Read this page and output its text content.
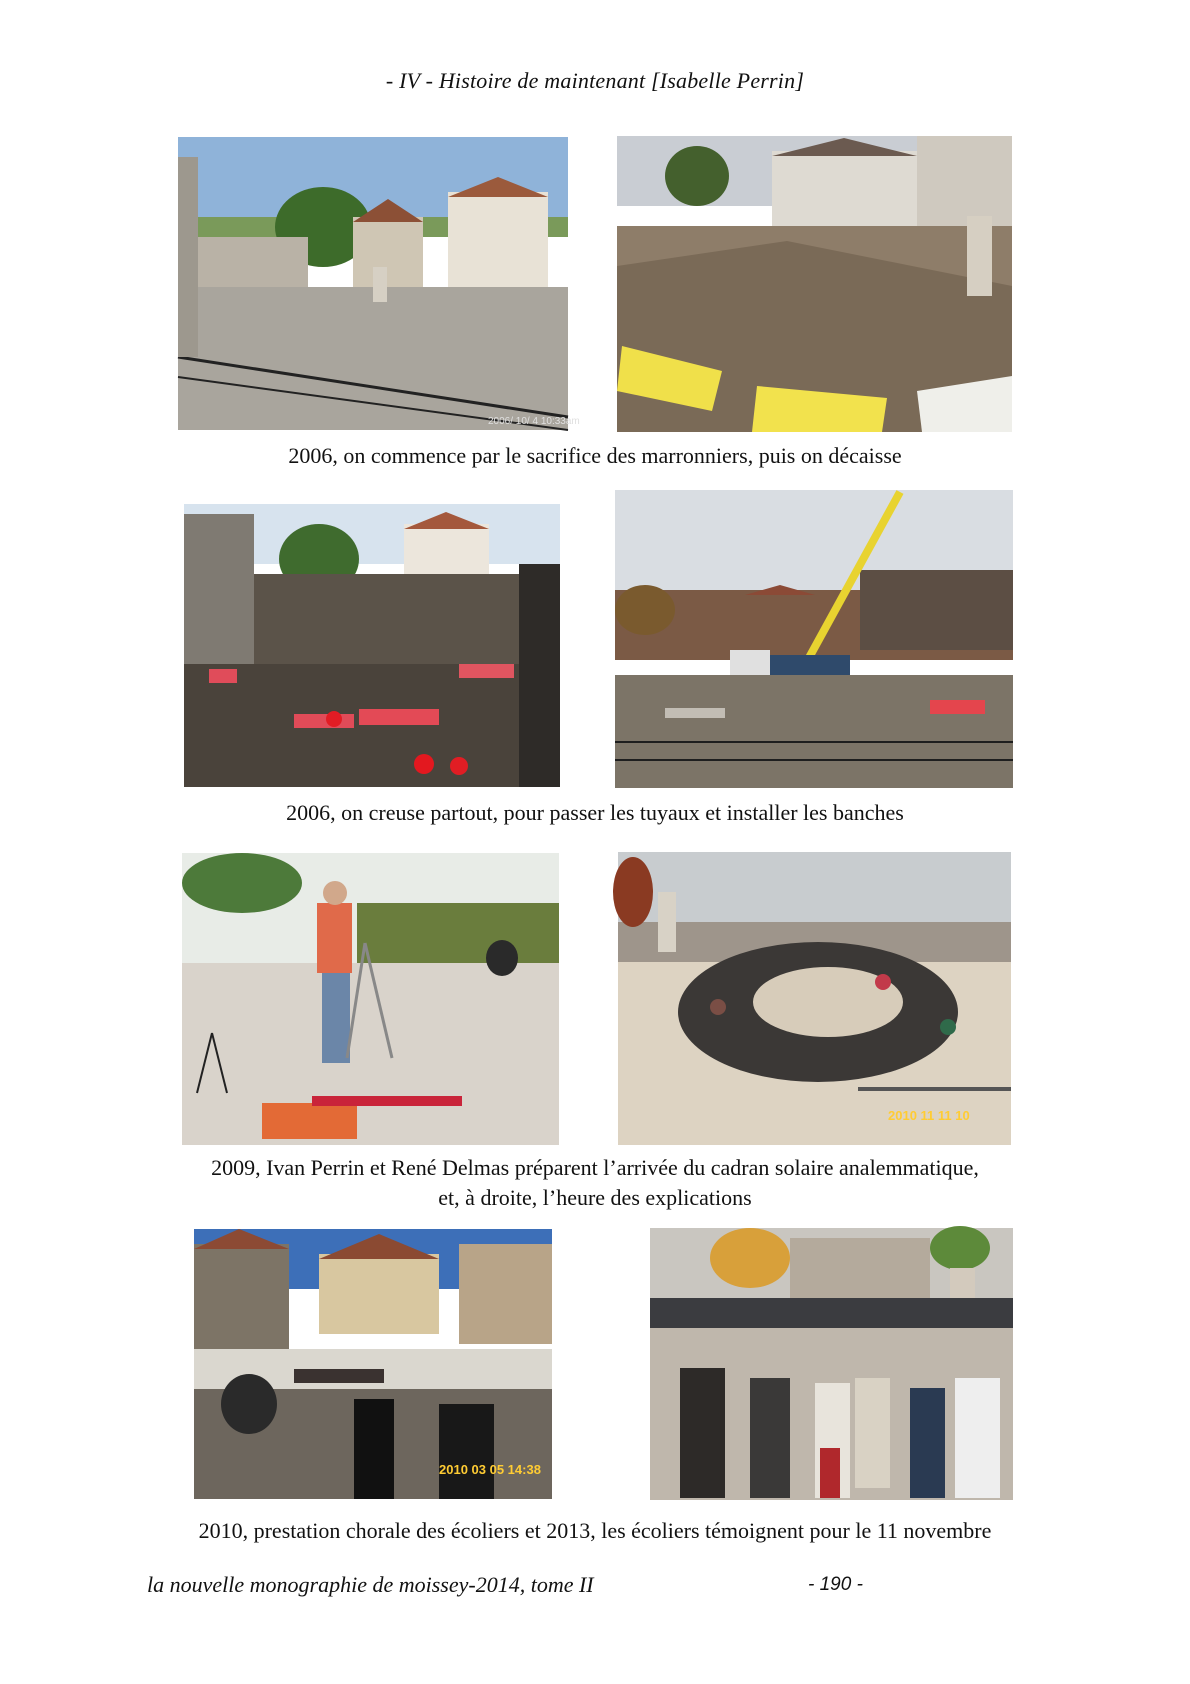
- IV - Histoire de maintenant [Isabelle Perrin]
2006/ 10/ 4 10:33am
2006, on commence par le sacrifice des marronniers, puis on décaisse
2006, on creuse partout, pour passer les tuyaux et installer les banches
2010 11 11 10
2009, Ivan Perrin et René Delmas préparent l’arrivée du cadran solaire analemmatique,
et, à droite, l’heure des explications
2010 03 05 14:38
2010, prestation chorale des écoliers et 2013, les écoliers témoignent pour le 11 novembre
la nouvelle monographie de moissey-2014, tome II	- 190 -
